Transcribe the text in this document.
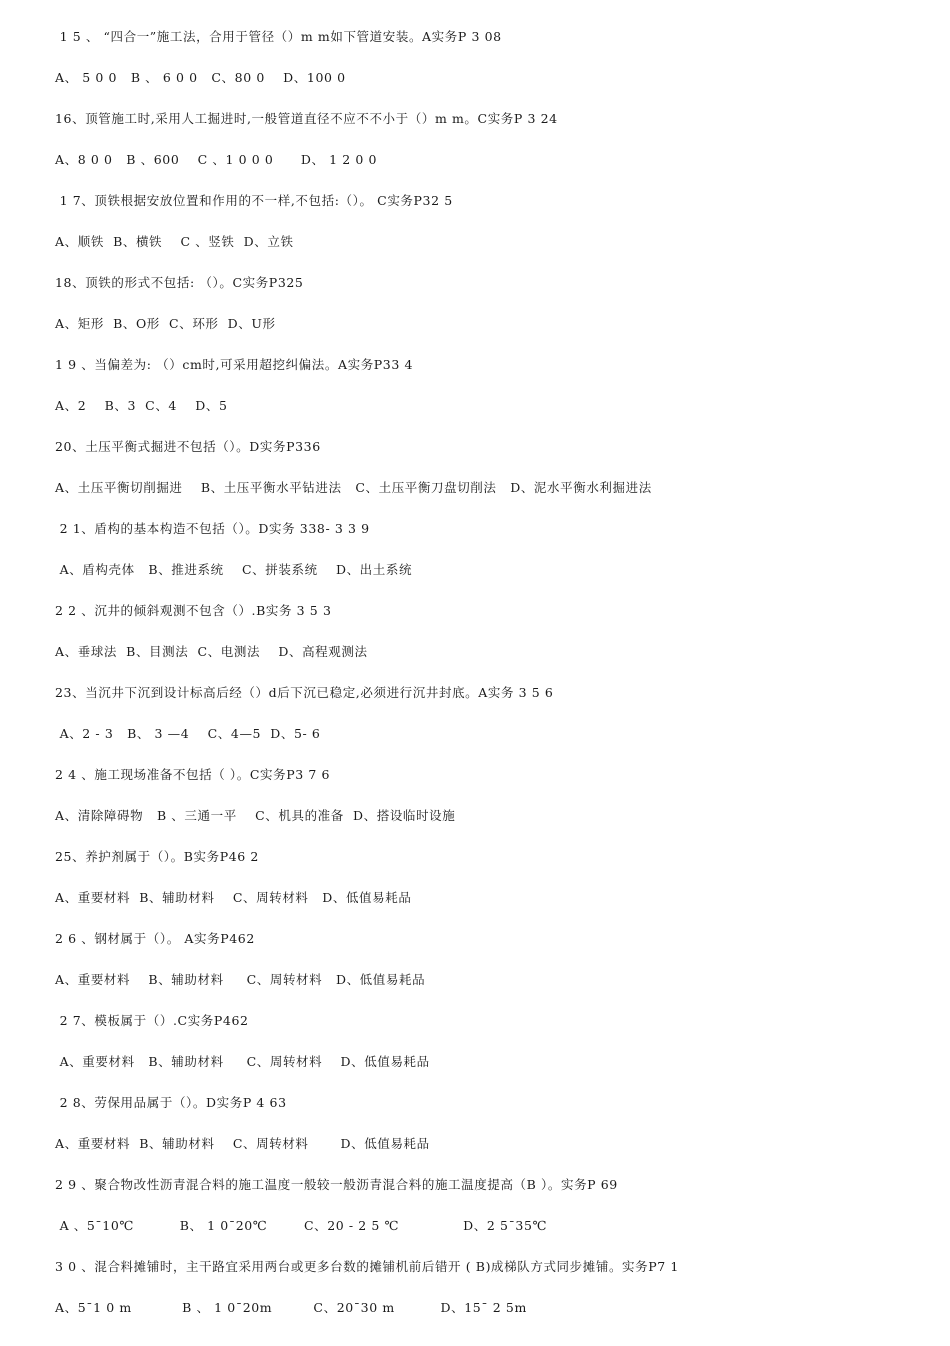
1 5 、 “四合一”施工法，合用于管径（）m m如下管道安装。A实务P 3 08
A、 5 0 0   B 、 6 0 0   C、80 0    D、100 0
16、顶管施工时,采用人工掘进时,一般管道直径不应不不小于（）m m。C实务P 3 24
A、8 0 0   B 、600    C 、1 0 0 0      D、 1 2 0 0
1 7、顶铁根据安放位置和作用的不一样,不包括:（）。 C实务P32 5
A、顺铁  B、横铁    C 、竖铁  D、立铁
18、顶铁的形式不包括: （）。C实务P325
A、矩形  B、O形  C、环形  D、U形
1 9 、当偏差为: （）cm时,可采用超挖纠偏法。A实务P33 4
A、2    B、3  C、4    D、5
20、土压平衡式掘进不包括（）。D实务P336
A、土压平衡切削掘进    B、土压平衡水平钻进法   C、土压平衡刀盘切削法   D、泥水平衡水利掘进法
2 1、盾构的基本构造不包括（）。D实务 338- 3 3 9
A、盾构壳体   B、推进系统    C、拼装系统    D、出土系统
2 2 、沉井的倾斜观测不包含（）.B实务 3 5 3
A、垂球法  B、目测法  C、电测法    D、高程观测法
23、当沉井下沉到设计标高后经（）d后下沉已稳定,必须进行沉井封底。A实务 3 5 6
A、2 - 3   B、 3 —4    C、4—5  D、5- 6
2 4 、施工现场准备不包括（ ）。C实务P3 7 6
A、清除障碍物   B 、三通一平    C、机具的准备  D、搭设临时设施
25、养护剂属于（）。B实务P46 2
A、重要材料  B、辅助材料    C、周转材料   D、低值易耗品
2 6 、钢材属于（）。 A实务P462
A、重要材料    B、辅助材料     C、周转材料   D、低值易耗品
2 7、模板属于（）.C实务P462
A、重要材料   B、辅助材料     C、周转材料    D、低值易耗品
2 8、劳保用品属于（）。D实务P 4 63
A、重要材料  B、辅助材料    C、周转材料       D、低值易耗品
2 9 、聚合物改性沥青混合料的施工温度一般较一般沥青混合料的施工温度提高（B ）。实务P 69
A 、5¯10℃          B、 1 0¯20℃        C、20 - 2 5 ℃              D、2 5¯35℃
3 0 、混合料摊铺时，主干路宜采用两台或更多台数的摊铺机前后错开 ( B)成梯队方式同步摊铺。实务P7 1
A、5¯1 0 m           B 、 1 0¯20m         C、20¯30 m          D、15¯ 2 5m
